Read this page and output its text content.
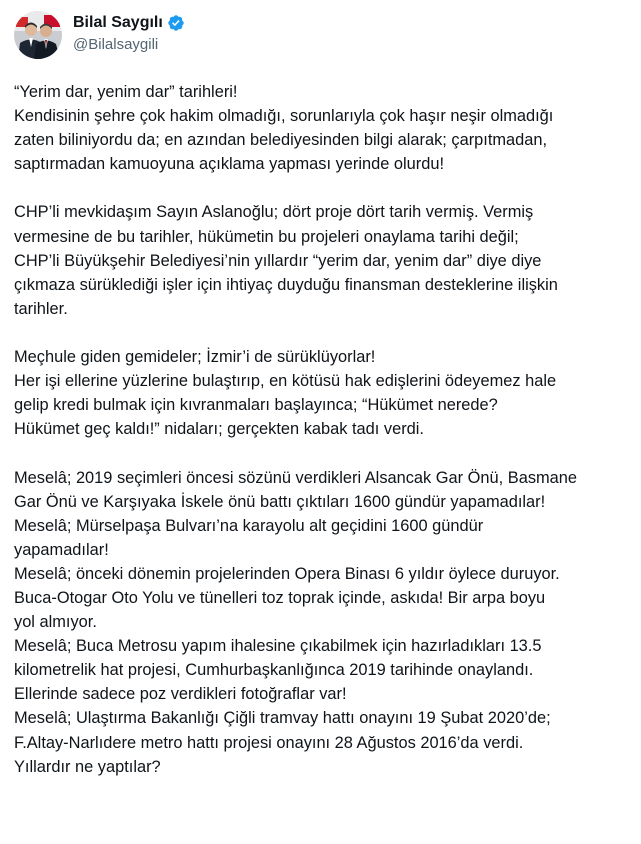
Bilal Saygılı
@Bilalsaygili
“Yerim dar, yenim dar” tarihleri!
Kendisinin şehre çok hakim olmadığı, sorunlarıyla çok haşır neşir olmadığı
zaten biliniyordu da; en azından belediyesinden bilgi alarak; çarpıtmadan,
saptırmadan kamuoyuna açıklama yapması yerinde olurdu!
CHP’li mevkidaşım Sayın Aslanoğlu; dört proje dört tarih vermiş. Vermiş
vermesine de bu tarihler, hükümetin bu projeleri onaylama tarihi değil;
CHP’li Büyükşehir Belediyesi’nin yıllardır “yerim dar, yenim dar” diye diye
çıkmaza sürüklediği işler için ihtiyaç duyduğu finansman desteklerine ilişkin
tarihler.
Meçhule giden gemideler; İzmir’i de sürüklüyorlar!
Her işi ellerine yüzlerine bulaştırıp, en kötüsü hak edişlerini ödeyemez hale
gelip kredi bulmak için kıvranmaları başlayınca; “Hükümet nerede?
Hükümet geç kaldı!” nidaları; gerçekten kabak tadı verdi.
Meselâ; 2019 seçimleri öncesi sözünü verdikleri Alsancak Gar Önü, Basmane
Gar Önü ve Karşıyaka İskele önü battı çıktıları 1600 gündür yapamadılar!
Meselâ; Mürselpaşa Bulvarı’na karayolu alt geçidini 1600 gündür
yapamadılar!
Meselâ; önceki dönemin projelerinden Opera Binası 6 yıldır öylece duruyor.
Buca-Otogar Oto Yolu ve tünelleri toz toprak içinde, askıda! Bir arpa boyu
yol almıyor.
Meselâ; Buca Metrosu yapım ihalesine çıkabilmek için hazırladıkları 13.5
kilometrelik hat projesi, Cumhurbaşkanlığınca 2019 tarihinde onaylandı.
Ellerinde sadece poz verdikleri fotoğraflar var!
Meselâ; Ulaştırma Bakanlığı Çiğli tramvay hattı onayını 19 Şubat 2020’de;
F.Altay-Narlıdere metro hattı projesi onayını 28 Ağustos 2016’da verdi.
Yıllardır ne yaptılar?
